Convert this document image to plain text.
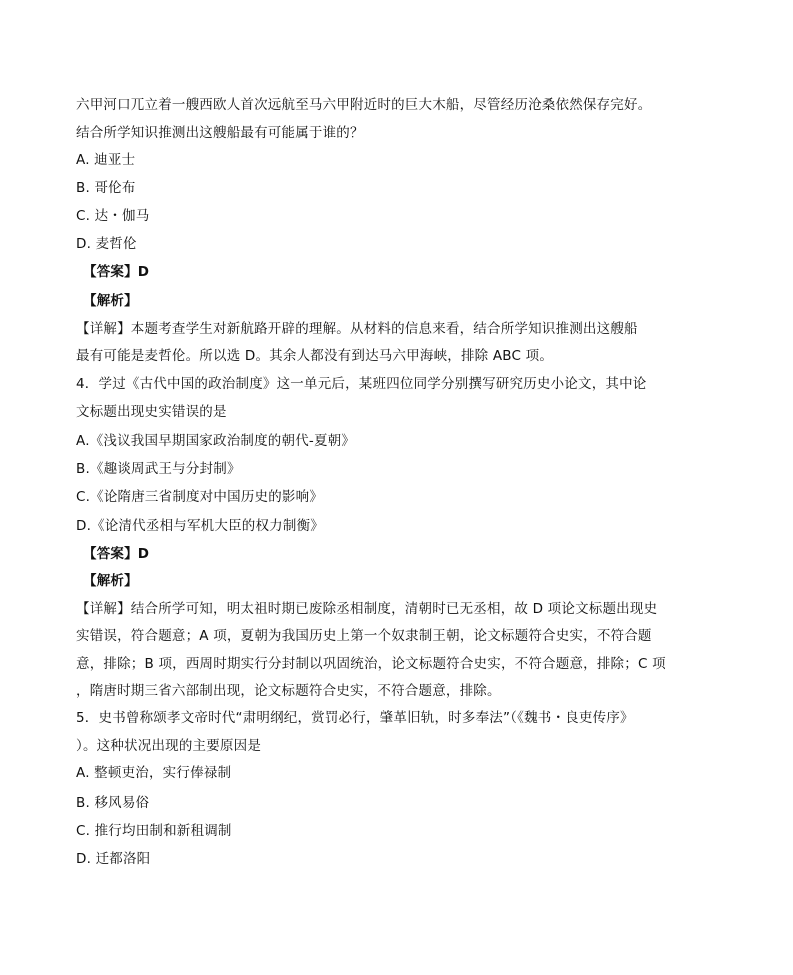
六甲河口兀立着一艘西欧人首次远航至马六甲附近时的巨大木船，尽管经历沧桑依然保存完好。
结合所学知识推测出这艘船最有可能属于谁的？
A. 迪亚士
B. 哥伦布
C. 达・伽马
D. 麦哲伦
【答案】D
【解析】
【详解】本题考查学生对新航路开辟的理解。从材料的信息来看，结合所学知识推测出这艘船
最有可能是麦哲伦。所以选 D。其余人都没有到达马六甲海峡，排除 ABC 项。
4．学过《古代中国的政治制度》这一单元后，某班四位同学分别撰写研究历史小论文，其中论
文标题出现史实错误的是
A.《浅议我国早期国家政治制度的朝代-夏朝》
B.《趣谈周武王与分封制》
C.《论隋唐三省制度对中国历史的影响》
D.《论清代丞相与军机大臣的权力制衡》
【答案】D
【解析】
【详解】结合所学可知，明太祖时期已废除丞相制度，清朝时已无丞相，故 D 项论文标题出现史
实错误，符合题意；A 项，夏朝为我国历史上第一个奴隶制王朝，论文标题符合史实，不符合题
意，排除；B 项，西周时期实行分封制以巩固统治，论文标题符合史实，不符合题意，排除；C 项
，隋唐时期三省六部制出现，论文标题符合史实，不符合题意，排除。
5．史书曾称颂孝文帝时代“肃明纲纪，赏罚必行，肇革旧轨，时多奉法”（《魏书・良吏传序》
）。这种状况出现的主要原因是
A. 整顿吏治，实行俸禄制
B. 移风易俗
C. 推行均田制和新租调制
D. 迁都洛阳
